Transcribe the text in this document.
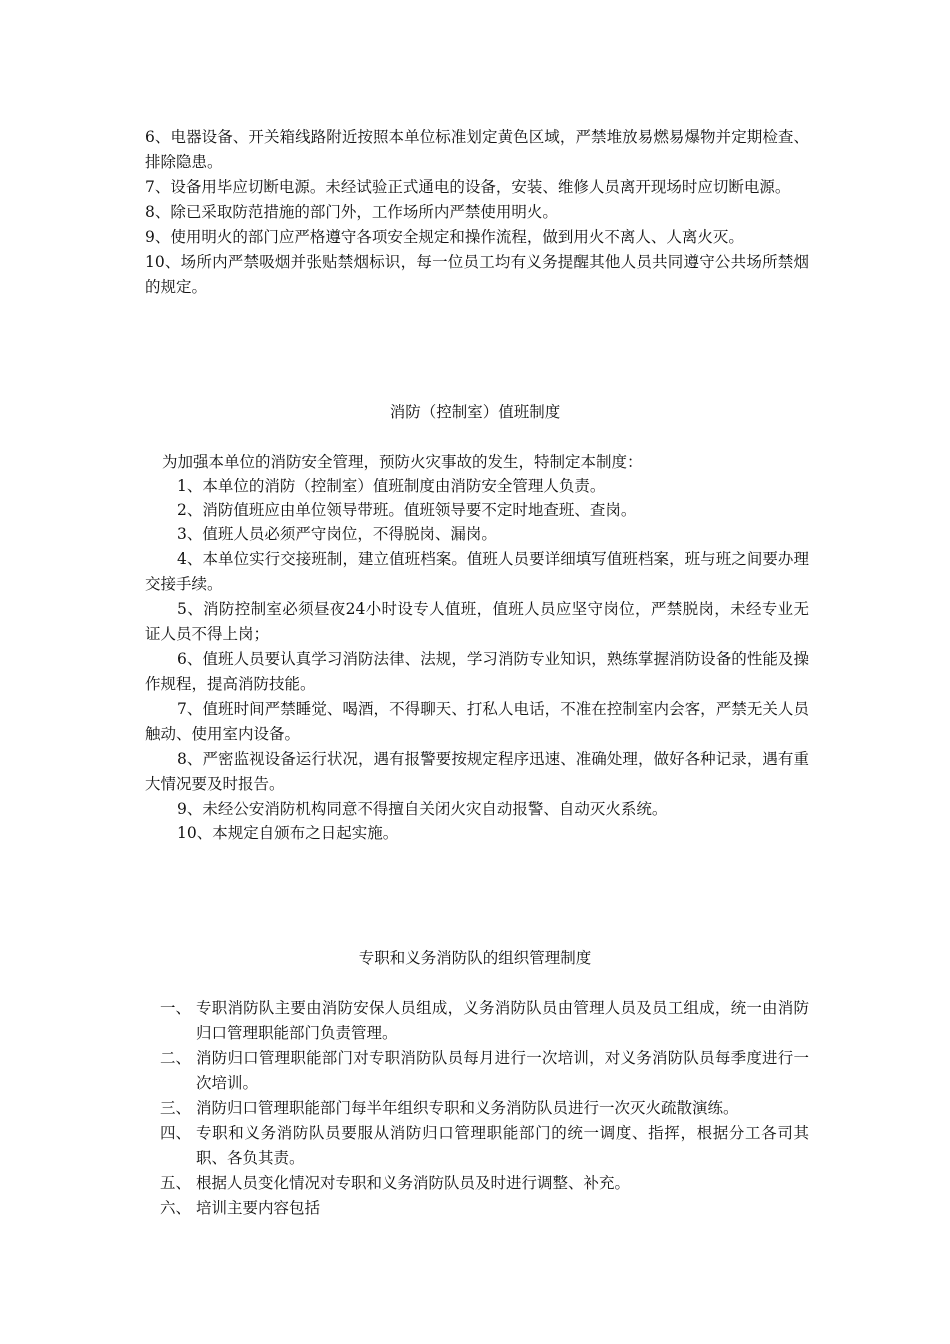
6、电器设备、开关箱线路附近按照本单位标准划定黄色区域，严禁堆放易燃易爆物并定期检查、排除隐患。

7、设备用毕应切断电源。未经试验正式通电的设备，安装、维修人员离开现场时应切断电源。

8、除已采取防范措施的部门外，工作场所内严禁使用明火。

9、使用明火的部门应严格遵守各项安全规定和操作流程，做到用火不离人、人离火灭。

10、场所内严禁吸烟并张贴禁烟标识，每一位员工均有义务提醒其他人员共同遵守公共场所禁烟的规定。

消防（控制室）值班制度

为加强本单位的消防安全管理，预防火灾事故的发生，特制定本制度：

1、本单位的消防（控制室）值班制度由消防安全管理人负责。

2、消防值班应由单位领导带班。值班领导要不定时地查班、查岗。

3、值班人员必须严守岗位，不得脱岗、漏岗。

4、本单位实行交接班制，建立值班档案。值班人员要详细填写值班档案，班与班之间要办理交接手续。

5、消防控制室必须昼夜24小时设专人值班，值班人员应坚守岗位，严禁脱岗，未经专业无证人员不得上岗；

6、值班人员要认真学习消防法律、法规，学习消防专业知识，熟练掌握消防设备的性能及操作规程，提高消防技能。

7、值班时间严禁睡觉、喝酒，不得聊天、打私人电话，不准在控制室内会客，严禁无关人员触动、使用室内设备。

8、严密监视设备运行状况，遇有报警要按规定程序迅速、准确处理，做好各种记录，遇有重大情况要及时报告。

9、未经公安消防机构同意不得擅自关闭火灾自动报警、自动灭火系统。

10、本规定自颁布之日起实施。

专职和义务消防队的组织管理制度

一、 专职消防队主要由消防安保人员组成，义务消防队员由管理人员及员工组成，统一由消防归口管理职能部门负责管理。
二、 消防归口管理职能部门对专职消防队员每月进行一次培训，对义务消防队员每季度进行一次培训。
三、 消防归口管理职能部门每半年组织专职和义务消防队员进行一次灭火疏散演练。
四、 专职和义务消防队员要服从消防归口管理职能部门的统一调度、指挥，根据分工各司其职、各负其责。
五、 根据人员变化情况对专职和义务消防队员及时进行调整、补充。
六、 培训主要内容包括
